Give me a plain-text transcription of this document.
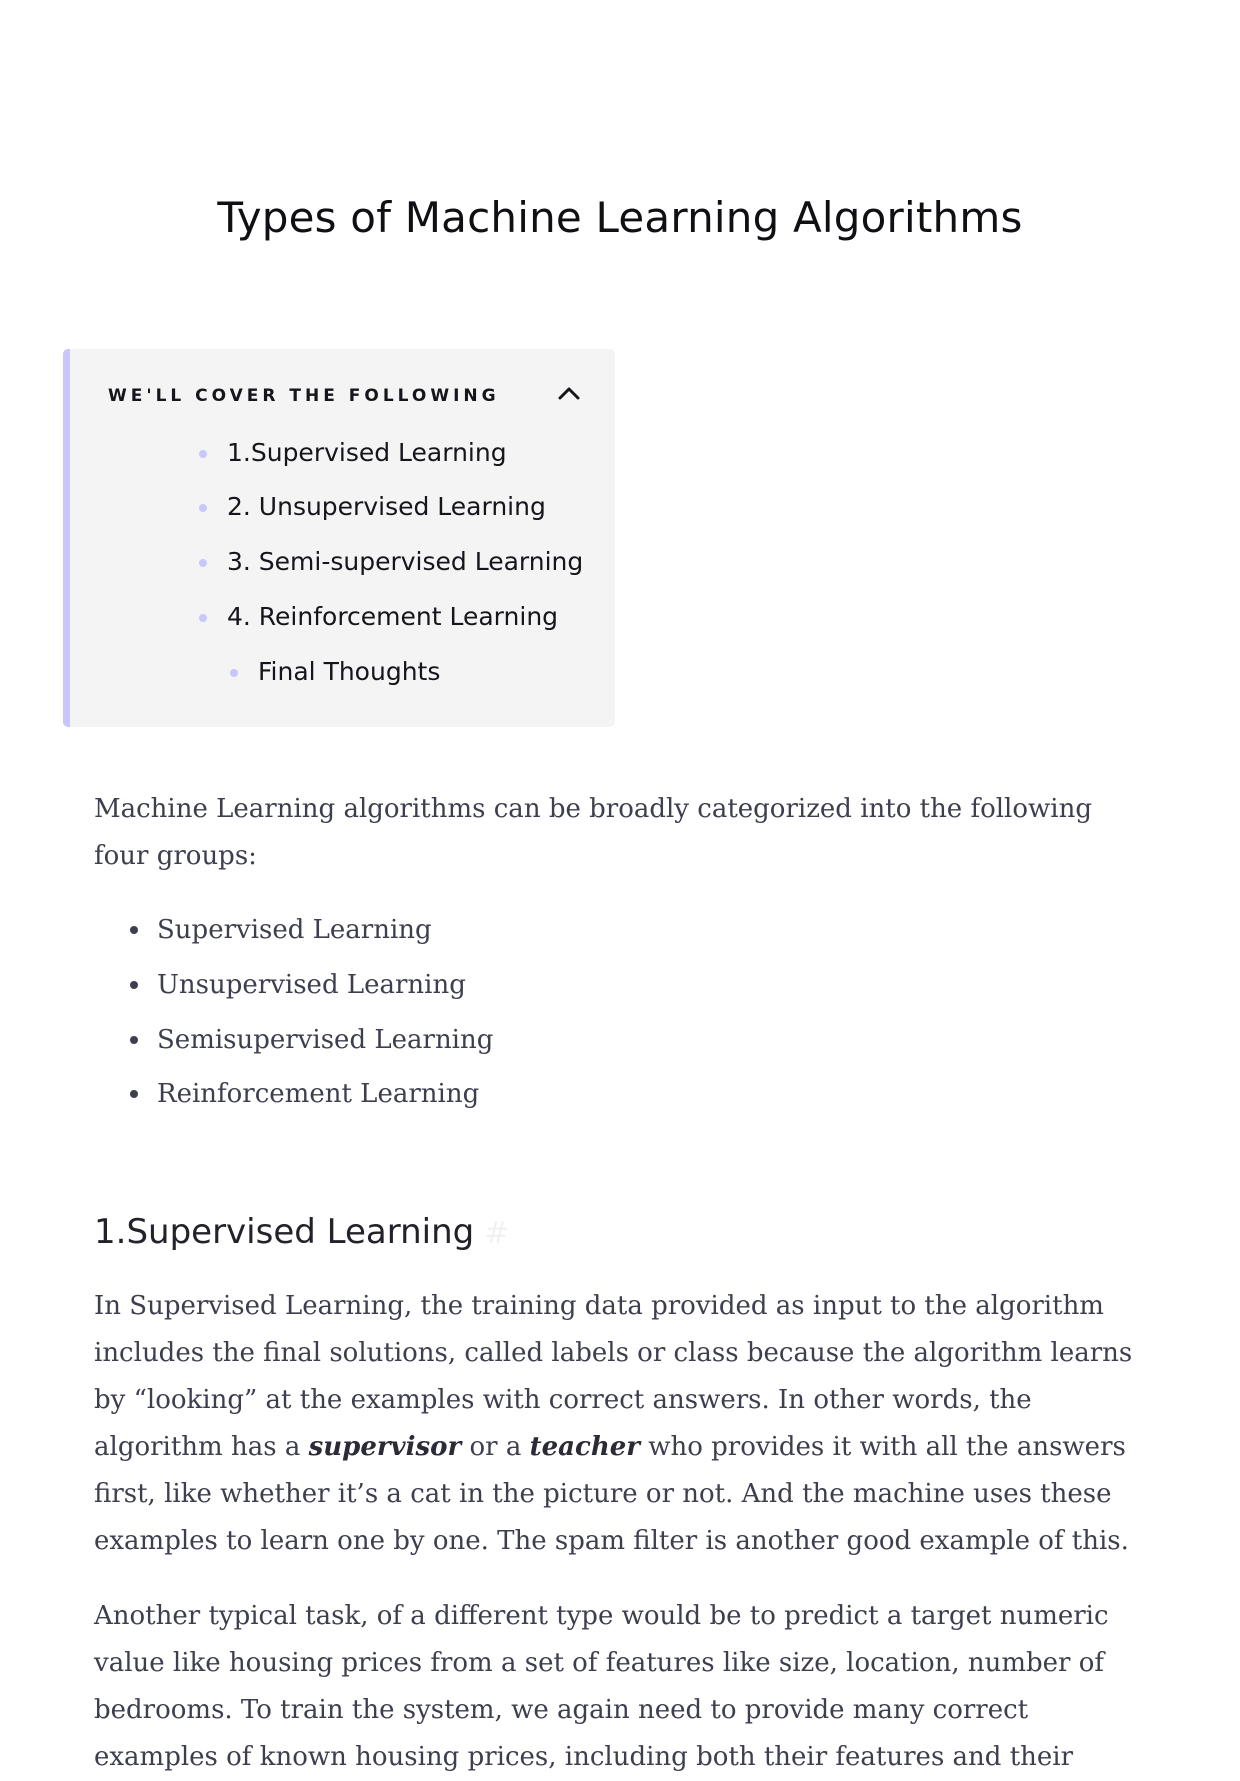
Types of Machine Learning Algorithms
WE'LL COVER THE FOLLOWING
1.Supervised Learning
2. Unsupervised Learning
3. Semi-supervised Learning
4. Reinforcement Learning
Final Thoughts

Machine Learning algorithms can be broadly categorized into the following four groups:

Supervised Learning
Unsupervised Learning
Semisupervised Learning
Reinforcement Learning
1.Supervised Learning #

In Supervised Learning, the training data provided as input to the algorithm includes the final solutions, called labels or class because the algorithm learns by “looking” at the examples with correct answers. In other words, the algorithm has a supervisor or a teacher who provides it with all the answers first, like whether it’s a cat in the picture or not. And the machine uses these examples to learn one by one. The spam filter is another good example of this.

Another typical task, of a different type would be to predict a target numeric value like housing prices from a set of features like size, location, number of bedrooms. To train the system, we again need to provide many correct examples of known housing prices, including both their features and their
